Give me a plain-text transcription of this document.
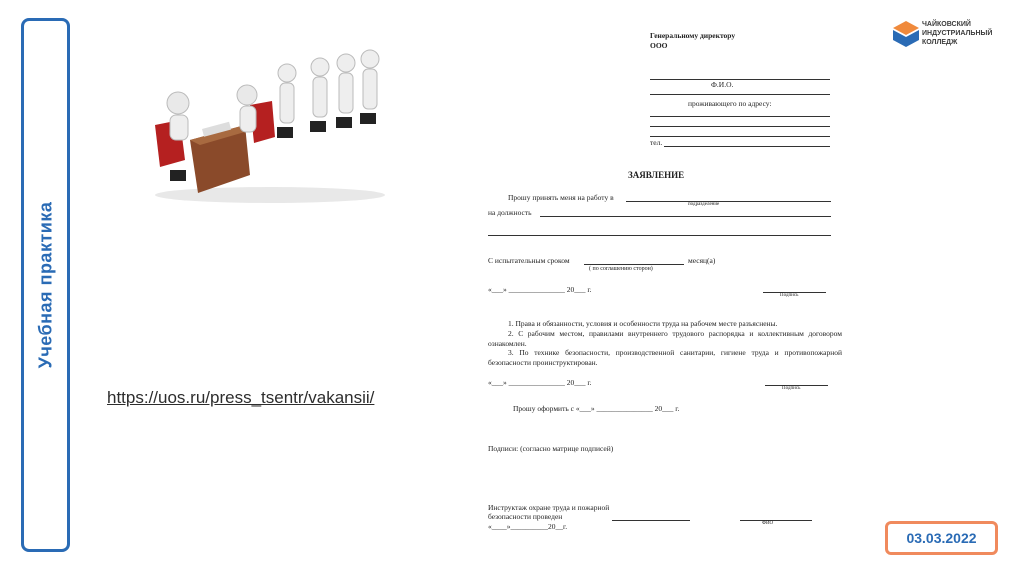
Учебная практика
https://uos.ru/press_tsentr/vakansii/
ЧАЙКОВСКИЙ
ИНДУСТРИАЛЬНЫЙ
КОЛЛЕДЖ
Генеральному директору
ООО
Ф.И.О.
проживающего по адресу:
тел.
ЗАЯВЛЕНИЕ
Прошу принять меня на работу в
подразделение
на должность
С испытательным сроком	месяц(а)
( по соглашению сторон)
«___» _______________ 20___ г.
Подпись
1. Права и обязанности, условия и особенности труда на рабочем месте разъяснены.
2. С рабочим местом, правилами внутреннего трудового распорядка и коллективным договором ознакомлен.
3. По технике безопасности, производственной санитарии, гигиене труда и противопожарной безопасности проинструктирован.
«___» _______________ 20___ г.
Подпись
Прошу оформить с «___» _______________ 20___ г.
Подписи: (согласно матрице подписей)
Инструктаж охране труда и пожарной
безопасности проведен
ФИО
«____»__________20__г.
03.03.2022
